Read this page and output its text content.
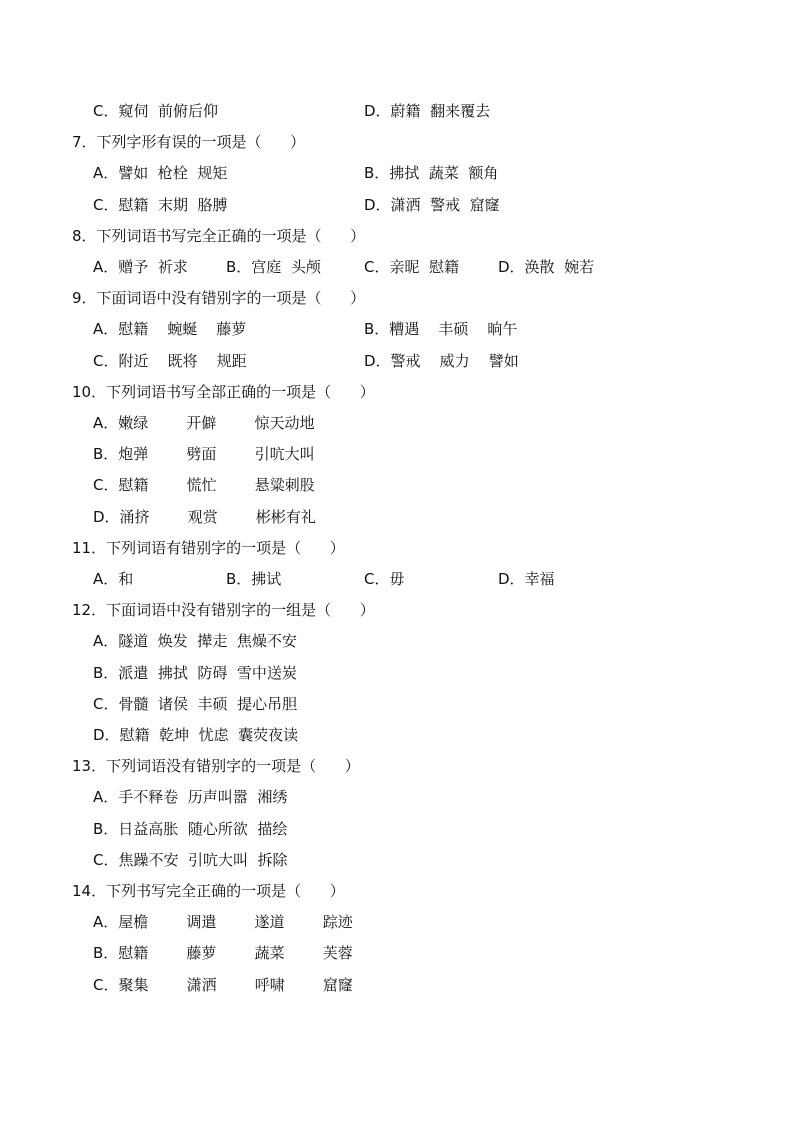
C．窥伺  前俯后仰	D．蔚籍  翻来覆去
7．下列字形有误的一项是（      ）
A．譬如  枪栓  规矩	B．拂拭  蔬菜  额角
C．慰籍  末期  胳膊	D．潇洒  警戒  窟窿
8．下列词语书写完全正确的一项是（      ）
A．赠予  祈求	B．宫庭  头颅	C．亲昵  慰籍	D．涣散  婉若
9．下面词语中没有错别字的一项是（      ）
A．慰籍    蜿蜒    藤萝	B．糟遇    丰硕    晌午
C．附近    既将    规距	D．警戒    威力    譬如
10．下列词语书写全部正确的一项是（      ）
A．嫩绿        开僻        惊天动地
B．炮弹        劈面        引吭大叫
C．慰籍        慌忙        悬粱刺股
D．涌挤        观赏        彬彬有礼
11．下列词语有错别字的一项是（      ）
A．和	B．拂试	C．毋	D．幸福
12．下面词语中没有错别字的一组是（      ）
A．隧道  焕发  撵走  焦燥不安
B．派遣  拂拭  防碍  雪中送炭
C．骨髓  诸侯  丰硕  提心吊胆
D．慰籍  乾坤  忧虑  囊荧夜读
13．下列词语没有错别字的一项是（      ）
A．手不释卷  历声叫嚣  湘绣
B．日益高胀  随心所欲  描绘
C．焦躁不安  引吭大叫  拆除
14．下列书写完全正确的一项是（      ）
A．屋檐        调遣        遂道        踪迹
B．慰籍        藤萝        蔬菜        芙蓉
C．聚集        潇洒        呼啸        窟窿
